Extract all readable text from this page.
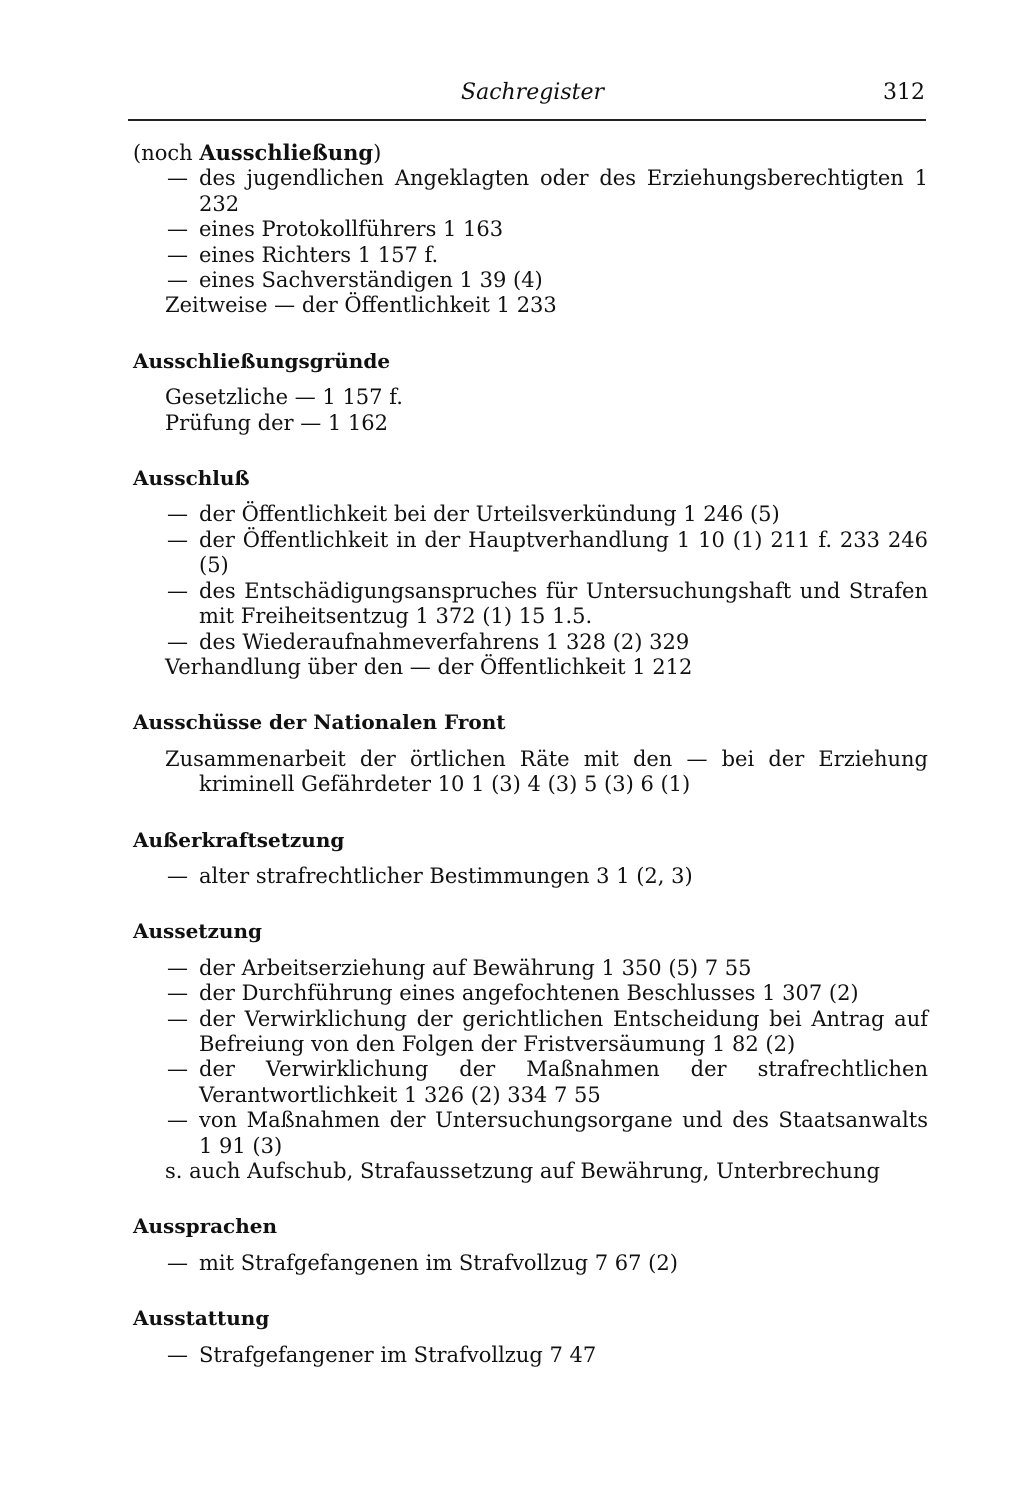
Sachregister	312

(noch Ausschließung)

— des jugendlichen Angeklagten oder des Erziehungsberechtigten 1 232
— eines Protokollführers 1 163
— eines Richters 1 157 f.
— eines Sachverständigen 1 39 (4)
Zeitweise — der Öffentlichkeit 1 233
Ausschließungsgründe
Gesetzliche — 1 157 f.
Prüfung der — 1 162
Ausschluß
— der Öffentlichkeit bei der Urteilsverkündung 1 246 (5)
— der Öffentlichkeit in der Hauptverhandlung 1 10 (1) 211 f. 233 246 (5)
— des Entschädigungsanspruches für Untersuchungshaft und Strafen mit Freiheitsentzug 1 372 (1) 15 1.5.
— des Wiederaufnahmeverfahrens 1 328 (2) 329
Verhandlung über den — der Öffentlichkeit 1 212
Ausschüsse der Nationalen Front
Zusammenarbeit der örtlichen Räte mit den — bei der Erziehung kriminell Gefährdeter 10 1 (3) 4 (3) 5 (3) 6 (1)
Außerkraftsetzung
— alter strafrechtlicher Bestimmungen 3 1 (2, 3)
Aussetzung
— der Arbeitserziehung auf Bewährung 1 350 (5) 7 55
— der Durchführung eines angefochtenen Beschlusses 1 307 (2)
— der Verwirklichung der gerichtlichen Entscheidung bei Antrag auf Befreiung von den Folgen der Fristversäumung 1 82 (2)
— der Verwirklichung der Maßnahmen der strafrechtlichen Verantwortlichkeit 1 326 (2) 334 7 55
— von Maßnahmen der Untersuchungsorgane und des Staatsanwalts 1 91 (3)
s. auch Aufschub, Strafaussetzung auf Bewährung, Unterbrechung
Aussprachen
— mit Strafgefangenen im Strafvollzug 7 67 (2)
Ausstattung
— Strafgefangener im Strafvollzug 7 47
